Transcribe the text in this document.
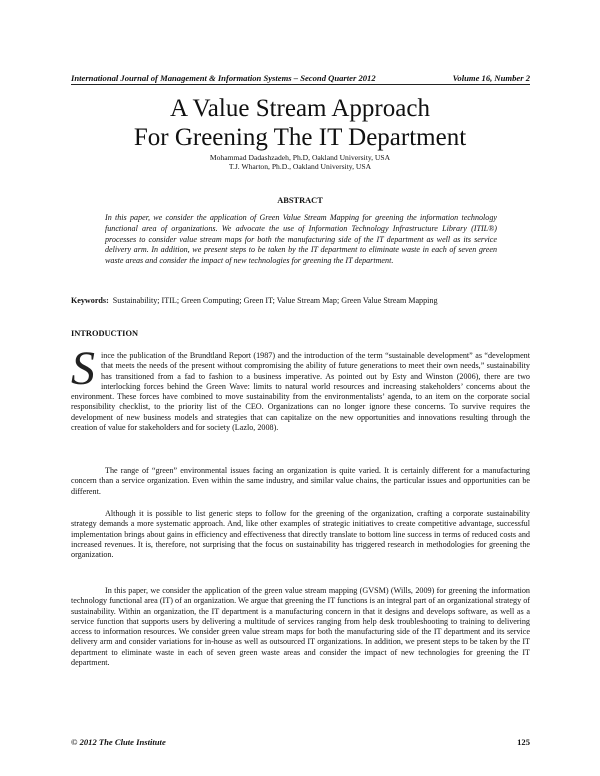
International Journal of Management & Information Systems – Second Quarter 2012	Volume 16, Number 2
A Value Stream Approach
For Greening The IT Department
Mohammad Dadashzadeh, Ph.D, Oakland University, USA
T.J. Wharton, Ph.D., Oakland University, USA
ABSTRACT

In this paper, we consider the application of Green Value Stream Mapping for greening the information technology functional area of organizations. We advocate the use of Information Technology Infrastructure Library (ITIL®) processes to consider value stream maps for both the manufacturing side of the IT department as well as its service delivery arm. In addition, we present steps to be taken by the IT department to eliminate waste in each of seven green waste areas and consider the impact of new technologies for greening the IT department.

Keywords: Sustainability; ITIL; Green Computing; Green IT; Value Stream Map; Green Value Stream Mapping
INTRODUCTION

Since the publication of the Brundtland Report (1987) and the introduction of the term “sustainable development” as “development that meets the needs of the present without compromising the ability of future generations to meet their own needs,” sustainability has transitioned from a fad to fashion to a business imperative. As pointed out by Esty and Winston (2006), there are two interlocking forces behind the Green Wave: limits to natural world resources and increasing stakeholders’ concerns about the environment. These forces have combined to move sustainability from the environmentalists’ agenda, to an item on the corporate social responsibility checklist, to the priority list of the CEO. Organizations can no longer ignore these concerns. To survive requires the development of new business models and strategies that can capitalize on the new opportunities and innovations resulting through the creation of value for stakeholders and for society (Lazlo, 2008).

The range of “green” environmental issues facing an organization is quite varied. It is certainly different for a manufacturing concern than a service organization. Even within the same industry, and similar value chains, the particular issues and opportunities can be different.

Although it is possible to list generic steps to follow for the greening of the organization, crafting a corporate sustainability strategy demands a more systematic approach. And, like other examples of strategic initiatives to create competitive advantage, successful implementation brings about gains in efficiency and effectiveness that directly translate to bottom line success in terms of reduced costs and increased revenues. It is, therefore, not surprising that the focus on sustainability has triggered research in methodologies for greening the organization.

In this paper, we consider the application of the green value stream mapping (GVSM) (Wills, 2009) for greening the information technology functional area (IT) of an organization. We argue that greening the IT functions is an integral part of an organizational strategy of sustainability. Within an organization, the IT department is a manufacturing concern in that it designs and develops software, as well as a service function that supports users by delivering a multitude of services ranging from help desk troubleshooting to training to delivering access to information resources. We consider green value stream maps for both the manufacturing side of the IT department and its service delivery arm and consider variations for in-house as well as outsourced IT organizations. In addition, we present steps to be taken by the IT department to eliminate waste in each of seven green waste areas and consider the impact of new technologies for greening the IT department.

© 2012 The Clute Institute	125
